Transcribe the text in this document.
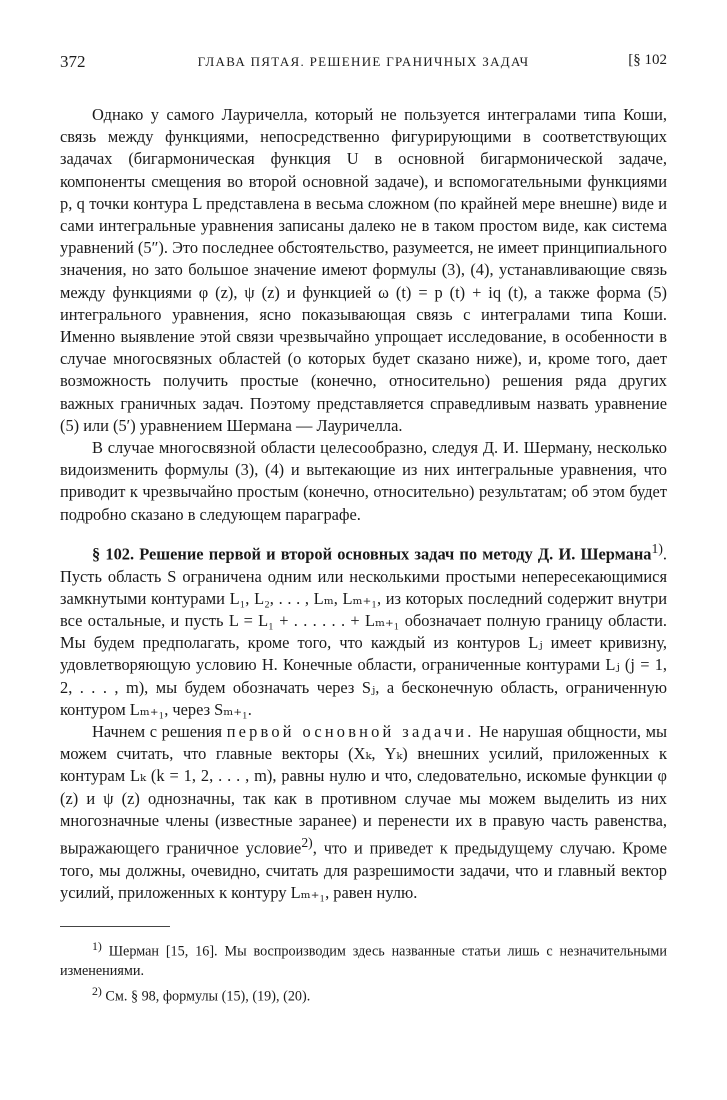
372	ГЛАВА ПЯТАЯ. РЕШЕНИЕ ГРАНИЧНЫХ ЗАДАЧ	[§ 102

Однако у самого Лауричелла, который не пользуется интегралами типа Коши, связь между функциями, непосредственно фигурирующими в соответствующих задачах (бигармоническая функция U в основной бигармонической задаче, компоненты смещения во второй основной задаче), и вспомогательными функциями p, q точки контура L представлена в весьма сложном (по крайней мере внешне) виде и сами интегральные уравнения записаны далеко не в таком простом виде, как система уравнений (5″). Это последнее обстоятельство, разумеется, не имеет принципиального значения, но зато большое значение имеют формулы (3), (4), устанавливающие связь между функциями φ (z), ψ (z) и функцией ω (t) = p (t) + iq (t), а также форма (5) интегрального уравнения, ясно показывающая связь с интегралами типа Коши. Именно выявление этой связи чрезвычайно упрощает исследование, в особенности в случае многосвязных областей (о которых будет сказано ниже), и, кроме того, дает возможность получить простые (конечно, относительно) решения ряда других важных граничных задач. Поэтому представляется справедливым назвать уравнение (5) или (5′) уравнением Шермана — Лауричелла.

В случае многосвязной области целесообразно, следуя Д. И. Шерману, несколько видоизменить формулы (3), (4) и вытекающие из них интегральные уравнения, что приводит к чрезвычайно простым (конечно, относительно) результатам; об этом будет подробно сказано в следующем параграфе.

§ 102. Решение первой и второй основных задач по методу Д. И. Шермана$^{1)}$. Пусть область S ограничена одним или несколькими простыми непересекающимися замкнутыми контурами L₁, L₂, . . . , Lₘ, Lₘ₊₁, из которых последний содержит внутри все остальные, и пусть L = L₁ + . . . . . . + Lₘ₊₁ обозначает полную границу области. Мы будем предполагать, кроме того, что каждый из контуров Lⱼ имеет кривизну, удовлетворяющую условию H. Конечные области, ограниченные контурами Lⱼ (j = 1, 2, . . . , m), мы будем обозначать через Sⱼ, а бесконечную область, ограниченную контуром Lₘ₊₁, через Sₘ₊₁.

Начнем с решения первой основной задачи. Не нарушая общности, мы можем считать, что главные векторы (Xₖ, Yₖ) внешних усилий, приложенных к контурам Lₖ (k = 1, 2, . . . , m), равны нулю и что, следовательно, искомые функции φ (z) и ψ (z) однозначны, так как в противном случае мы можем выделить из них многозначные члены (известные заранее) и перенести их в правую часть равенства, выражающего граничное условие$^{2)}$, что и приведет к предыдущему случаю. Кроме того, мы должны, очевидно, считать для разрешимости задачи, что и главный вектор усилий, приложенных к контуру Lₘ₊₁, равен нулю.

$^{1)}$ Шерман [15, 16]. Мы воспроизводим здесь названные статьи лишь с незначительными изменениями.

$^{2)}$ См. § 98, формулы (15), (19), (20).
